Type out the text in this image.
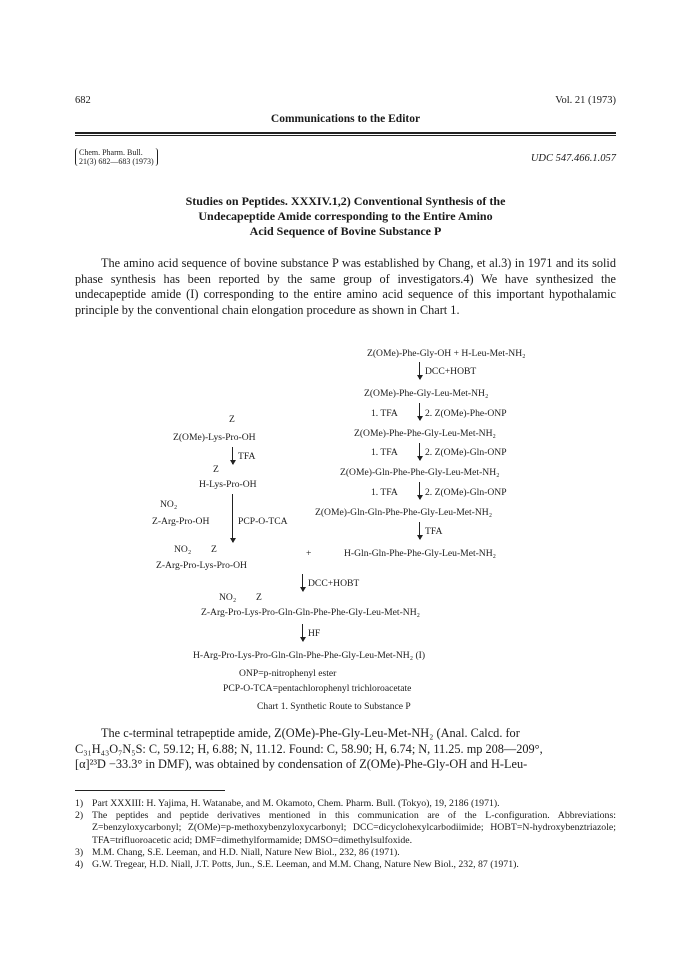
682	Vol. 21 (1973)
Communications to the Editor
Chem. Pharm. Bull.
21(3) 682—683 (1973)	UDC 547.466.1.057
Studies on Peptides. XXXIV.1,2) Conventional Synthesis of the
Undecapeptide Amide corresponding to the Entire Amino
Acid Sequence of Bovine Substance P

The amino acid sequence of bovine substance P was established by Chang, et al.3) in 1971 and its solid phase synthesis has been reported by the same group of investigators.4) We have synthesized the undecapeptide amide (I) corresponding to the entire amino acid sequence of this important hypothalamic principle by the conventional chain elongation procedure as shown in Chart 1.

Z(OMe)-Phe-Gly-OH + H-Leu-Met-NH₂
DCC+HOBT
Z(OMe)-Phe-Gly-Leu-Met-NH₂
1. TFA	2. Z(OMe)-Phe-ONP
Z(OMe)-Phe-Phe-Gly-Leu-Met-NH₂
1. TFA	2. Z(OMe)-Gln-ONP
Z(OMe)-Gln-Phe-Phe-Gly-Leu-Met-NH₂
1. TFA	2. Z(OMe)-Gln-ONP
Z(OMe)-Gln-Gln-Phe-Phe-Gly-Leu-Met-NH₂
TFA
H-Gln-Gln-Phe-Phe-Gly-Leu-Met-NH₂
+
Z
Z(OMe)-Lys-Pro-OH
TFA
Z
H-Lys-Pro-OH
NO₂
Z-Arg-Pro-OH	PCP-O-TCA
NO₂ Z
Z-Arg-Pro-Lys-Pro-OH
DCC+HOBT
NO₂ Z
Z-Arg-Pro-Lys-Pro-Gln-Gln-Phe-Phe-Gly-Leu-Met-NH₂
HF
H-Arg-Pro-Lys-Pro-Gln-Gln-Phe-Phe-Gly-Leu-Met-NH₂ (I)
ONP=p-nitrophenyl ester
PCP-O-TCA=pentachlorophenyl trichloroacetate
Chart 1. Synthetic Route to Substance P
The c-terminal tetrapeptide amide, Z(OMe)-Phe-Gly-Leu-Met-NH₂ (Anal. Calcd. for
C₃₁H₄₃O₇N₅S: C, 59.12; H, 6.88; N, 11.12. Found: C, 58.90; H, 6.74; N, 11.25. mp 208—209°,
[α]²³D −33.3° in DMF), was obtained by condensation of Z(OMe)-Phe-Gly-OH and H-Leu-
1) Part XXXIII: H. Yajima, H. Watanabe, and M. Okamoto, Chem. Pharm. Bull. (Tokyo), 19, 2186 (1971).
2) The peptides and peptide derivatives mentioned in this communication are of the L-configuration. Abbreviations: Z=benzyloxycarbonyl; Z(OMe)=p-methoxybenzyloxycarbonyl; DCC=dicyclohexylcarbodiimide; HOBT=N-hydroxybenztriazole; TFA=trifluoroacetic acid; DMF=dimethylformamide; DMSO=dimethylsulfoxide.
3) M.M. Chang, S.E. Leeman, and H.D. Niall, Nature New Biol., 232, 86 (1971).
4) G.W. Tregear, H.D. Niall, J.T. Potts, Jun., S.E. Leeman, and M.M. Chang, Nature New Biol., 232, 87 (1971).
